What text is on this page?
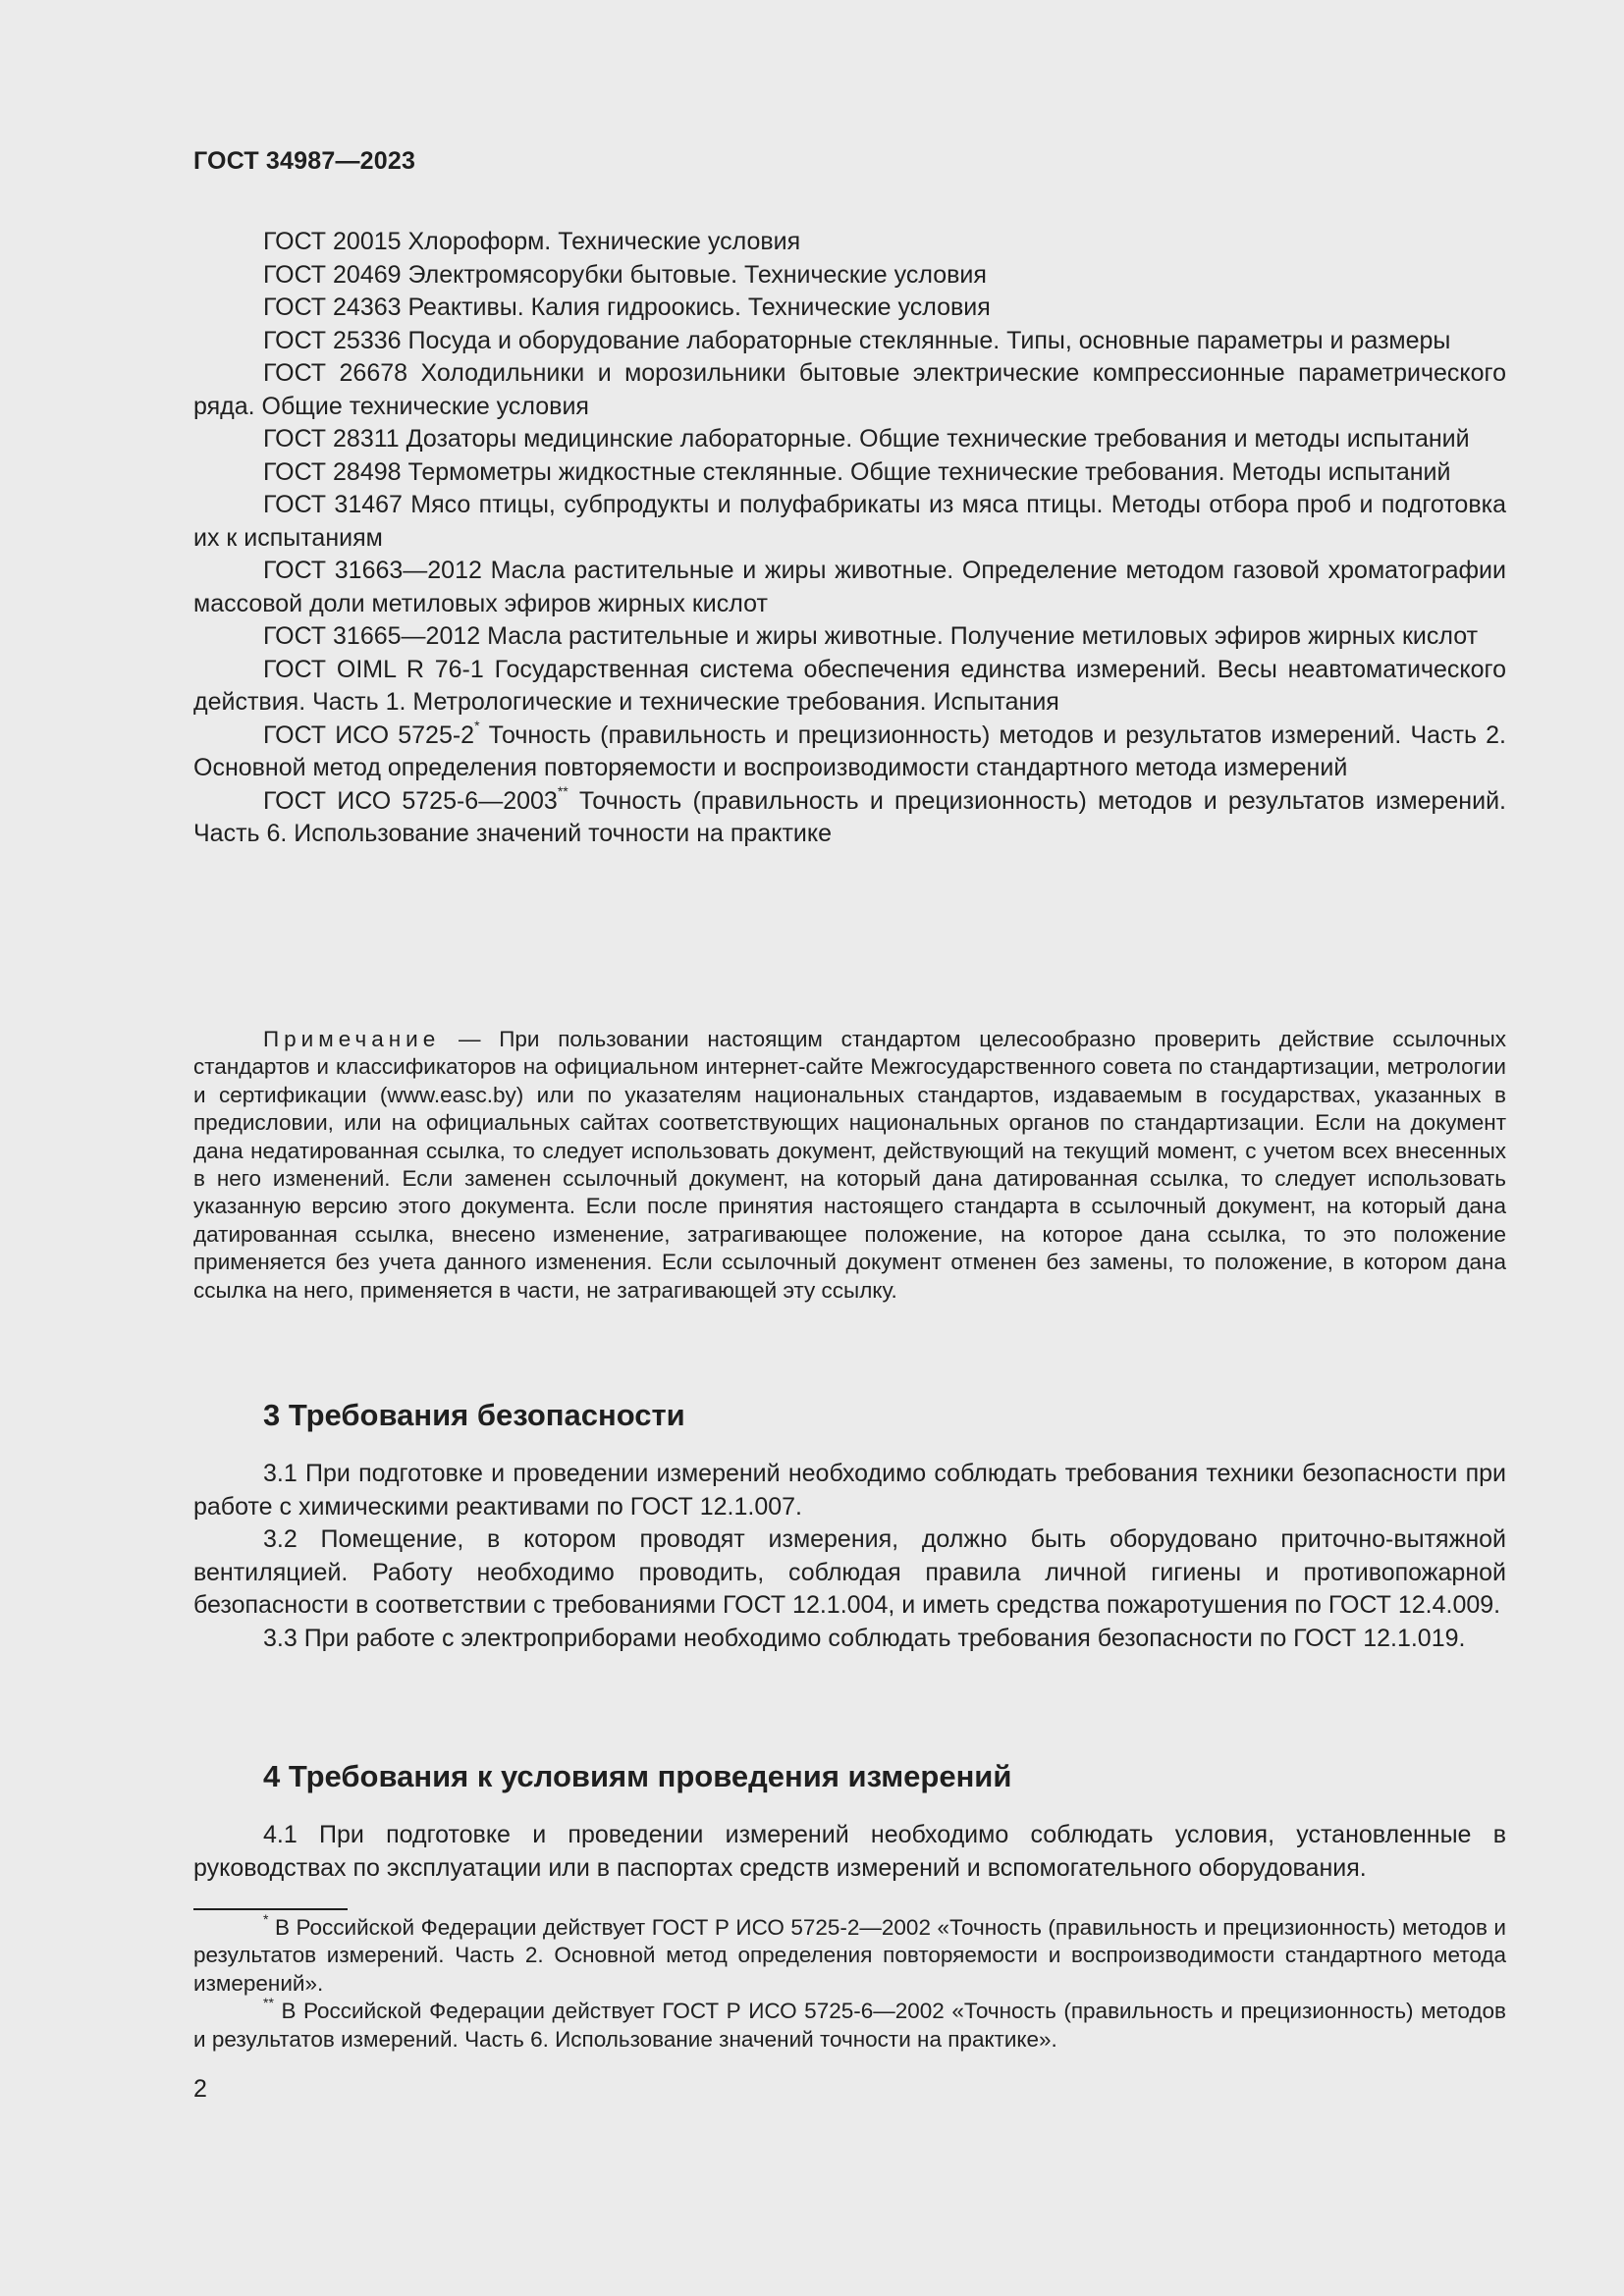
ГОСТ 34987—2023

ГОСТ 20015 Хлороформ. Технические условия

ГОСТ 20469 Электромясорубки бытовые. Технические условия

ГОСТ 24363 Реактивы. Калия гидроокись. Технические условия

ГОСТ 25336 Посуда и оборудование лабораторные стеклянные. Типы, основные параметры и размеры

ГОСТ 26678 Холодильники и морозильники бытовые электрические компрессионные параметрического ряда. Общие технические условия

ГОСТ 28311 Дозаторы медицинские лабораторные. Общие технические требования и методы испытаний

ГОСТ 28498 Термометры жидкостные стеклянные. Общие технические требования. Методы испытаний

ГОСТ 31467 Мясо птицы, субпродукты и полуфабрикаты из мяса птицы. Методы отбора проб и подготовка их к испытаниям

ГОСТ 31663—2012 Масла растительные и жиры животные. Определение методом газовой хроматографии массовой доли метиловых эфиров жирных кислот

ГОСТ 31665—2012 Масла растительные и жиры животные. Получение метиловых эфиров жирных кислот

ГОСТ OIML R 76-1 Государственная система обеспечения единства измерений. Весы неавтоматического действия. Часть 1. Метрологические и технические требования. Испытания

ГОСТ ИСО 5725-2* Точность (правильность и прецизионность) методов и результатов измерений. Часть 2. Основной метод определения повторяемости и воспроизводимости стандартного метода измерений

ГОСТ ИСО 5725-6—2003** Точность (правильность и прецизионность) методов и результатов измерений. Часть 6. Использование значений точности на практике

Примечание — При пользовании настоящим стандартом целесообразно проверить действие ссылочных стандартов и классификаторов на официальном интернет-сайте Межгосударственного совета по стандартизации, метрологии и сертификации (www.easc.by) или по указателям национальных стандартов, издаваемым в государствах, указанных в предисловии, или на официальных сайтах соответствующих национальных органов по стандартизации. Если на документ дана недатированная ссылка, то следует использовать документ, действующий на текущий момент, с учетом всех внесенных в него изменений. Если заменен ссылочный документ, на который дана датированная ссылка, то следует использовать указанную версию этого документа. Если после принятия настоящего стандарта в ссылочный документ, на который дана датированная ссылка, внесено изменение, затрагивающее положение, на которое дана ссылка, то это положение применяется без учета данного изменения. Если ссылочный документ отменен без замены, то положение, в котором дана ссылка на него, применяется в части, не затрагивающей эту ссылку.

3 Требования безопасности

3.1 При подготовке и проведении измерений необходимо соблюдать требования техники безопасности при работе с химическими реактивами по ГОСТ 12.1.007.

3.2 Помещение, в котором проводят измерения, должно быть оборудовано приточно-вытяжной вентиляцией. Работу необходимо проводить, соблюдая правила личной гигиены и противопожарной безопасности в соответствии с требованиями ГОСТ 12.1.004, и иметь средства пожаротушения по ГОСТ 12.4.009.

3.3 При работе с электроприборами необходимо соблюдать требования безопасности по ГОСТ 12.1.019.

4 Требования к условиям проведения измерений

4.1 При подготовке и проведении измерений необходимо соблюдать условия, установленные в руководствах по эксплуатации или в паспортах средств измерений и вспомогательного оборудования.

* В Российской Федерации действует ГОСТ Р ИСО 5725-2—2002 «Точность (правильность и прецизионность) методов и результатов измерений. Часть 2. Основной метод определения повторяемости и воспроизводимости стандартного метода измерений».

** В Российской Федерации действует ГОСТ Р ИСО 5725-6—2002 «Точность (правильность и прецизионность) методов и результатов измерений. Часть 6. Использование значений точности на практике».

2
